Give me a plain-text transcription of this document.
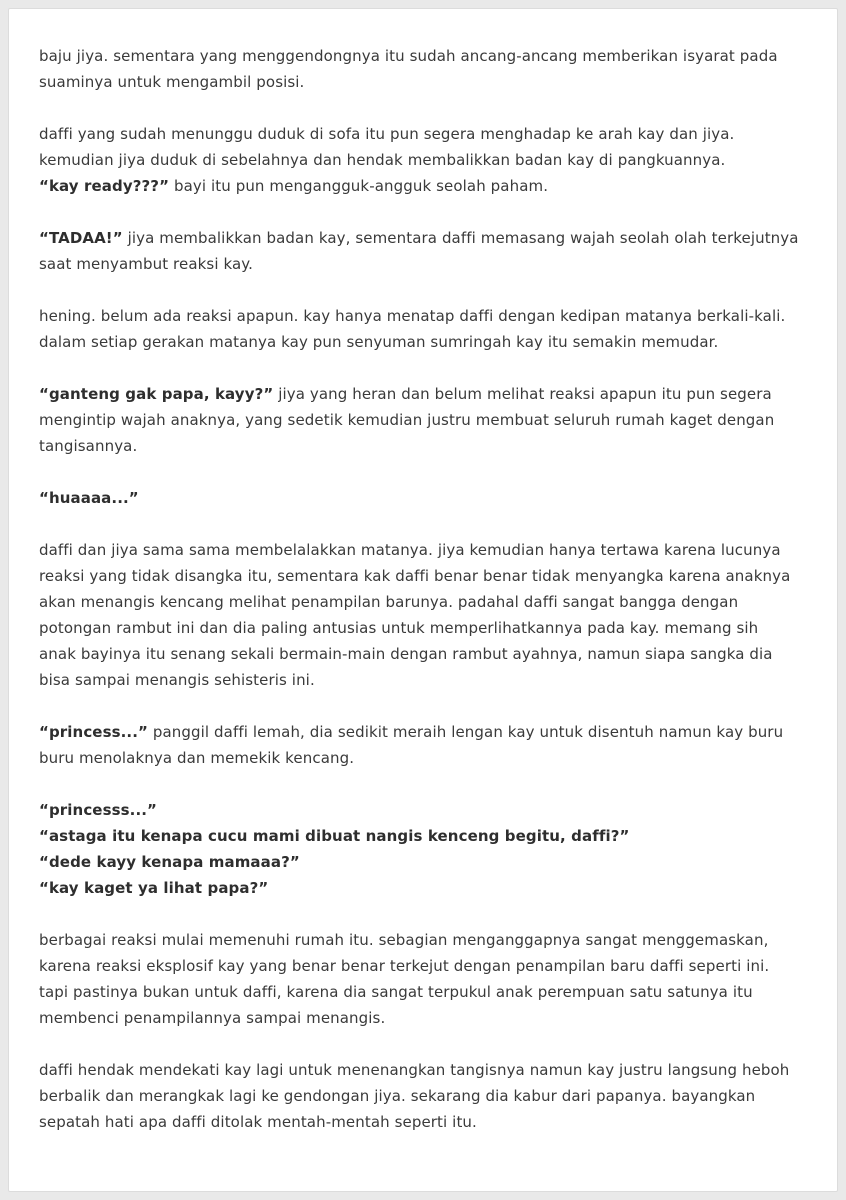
baju jiya. sementara yang menggendongnya itu sudah ancang-ancang memberikan isyarat pada
suaminya untuk mengambil posisi.
daffi yang sudah menunggu duduk di sofa itu pun segera menghadap ke arah kay dan jiya.
kemudian jiya duduk di sebelahnya dan hendak membalikkan badan kay di pangkuannya.
“kay ready???” bayi itu pun mengangguk-angguk seolah paham.
“TADAA!” jiya membalikkan badan kay, sementara daffi memasang wajah seolah olah terkejutnya
saat menyambut reaksi kay.
hening. belum ada reaksi apapun. kay hanya menatap daffi dengan kedipan matanya berkali-kali.
dalam setiap gerakan matanya kay pun senyuman sumringah kay itu semakin memudar.
“ganteng gak papa, kayy?” jiya yang heran dan belum melihat reaksi apapun itu pun segera
mengintip wajah anaknya, yang sedetik kemudian justru membuat seluruh rumah kaget dengan
tangisannya.
“huaaaa...”
daffi dan jiya sama sama membelalakkan matanya. jiya kemudian hanya tertawa karena lucunya
reaksi yang tidak disangka itu, sementara kak daffi benar benar tidak menyangka karena anaknya
akan menangis kencang melihat penampilan barunya. padahal daffi sangat bangga dengan
potongan rambut ini dan dia paling antusias untuk memperlihatkannya pada kay. memang sih
anak bayinya itu senang sekali bermain-main dengan rambut ayahnya, namun siapa sangka dia
bisa sampai menangis sehisteris ini.
“princess...” panggil daffi lemah, dia sedikit meraih lengan kay untuk disentuh namun kay buru
buru menolaknya dan memekik kencang.
“princesss...”
“astaga itu kenapa cucu mami dibuat nangis kenceng begitu, daffi?”
“dede kayy kenapa mamaaa?”
“kay kaget ya lihat papa?”
berbagai reaksi mulai memenuhi rumah itu. sebagian menganggapnya sangat menggemaskan,
karena reaksi eksplosif kay yang benar benar terkejut dengan penampilan baru daffi seperti ini.
tapi pastinya bukan untuk daffi, karena dia sangat terpukul anak perempuan satu satunya itu
membenci penampilannya sampai menangis.
daffi hendak mendekati kay lagi untuk menenangkan tangisnya namun kay justru langsung heboh
berbalik dan merangkak lagi ke gendongan jiya. sekarang dia kabur dari papanya. bayangkan
sepatah hati apa daffi ditolak mentah-mentah seperti itu.
